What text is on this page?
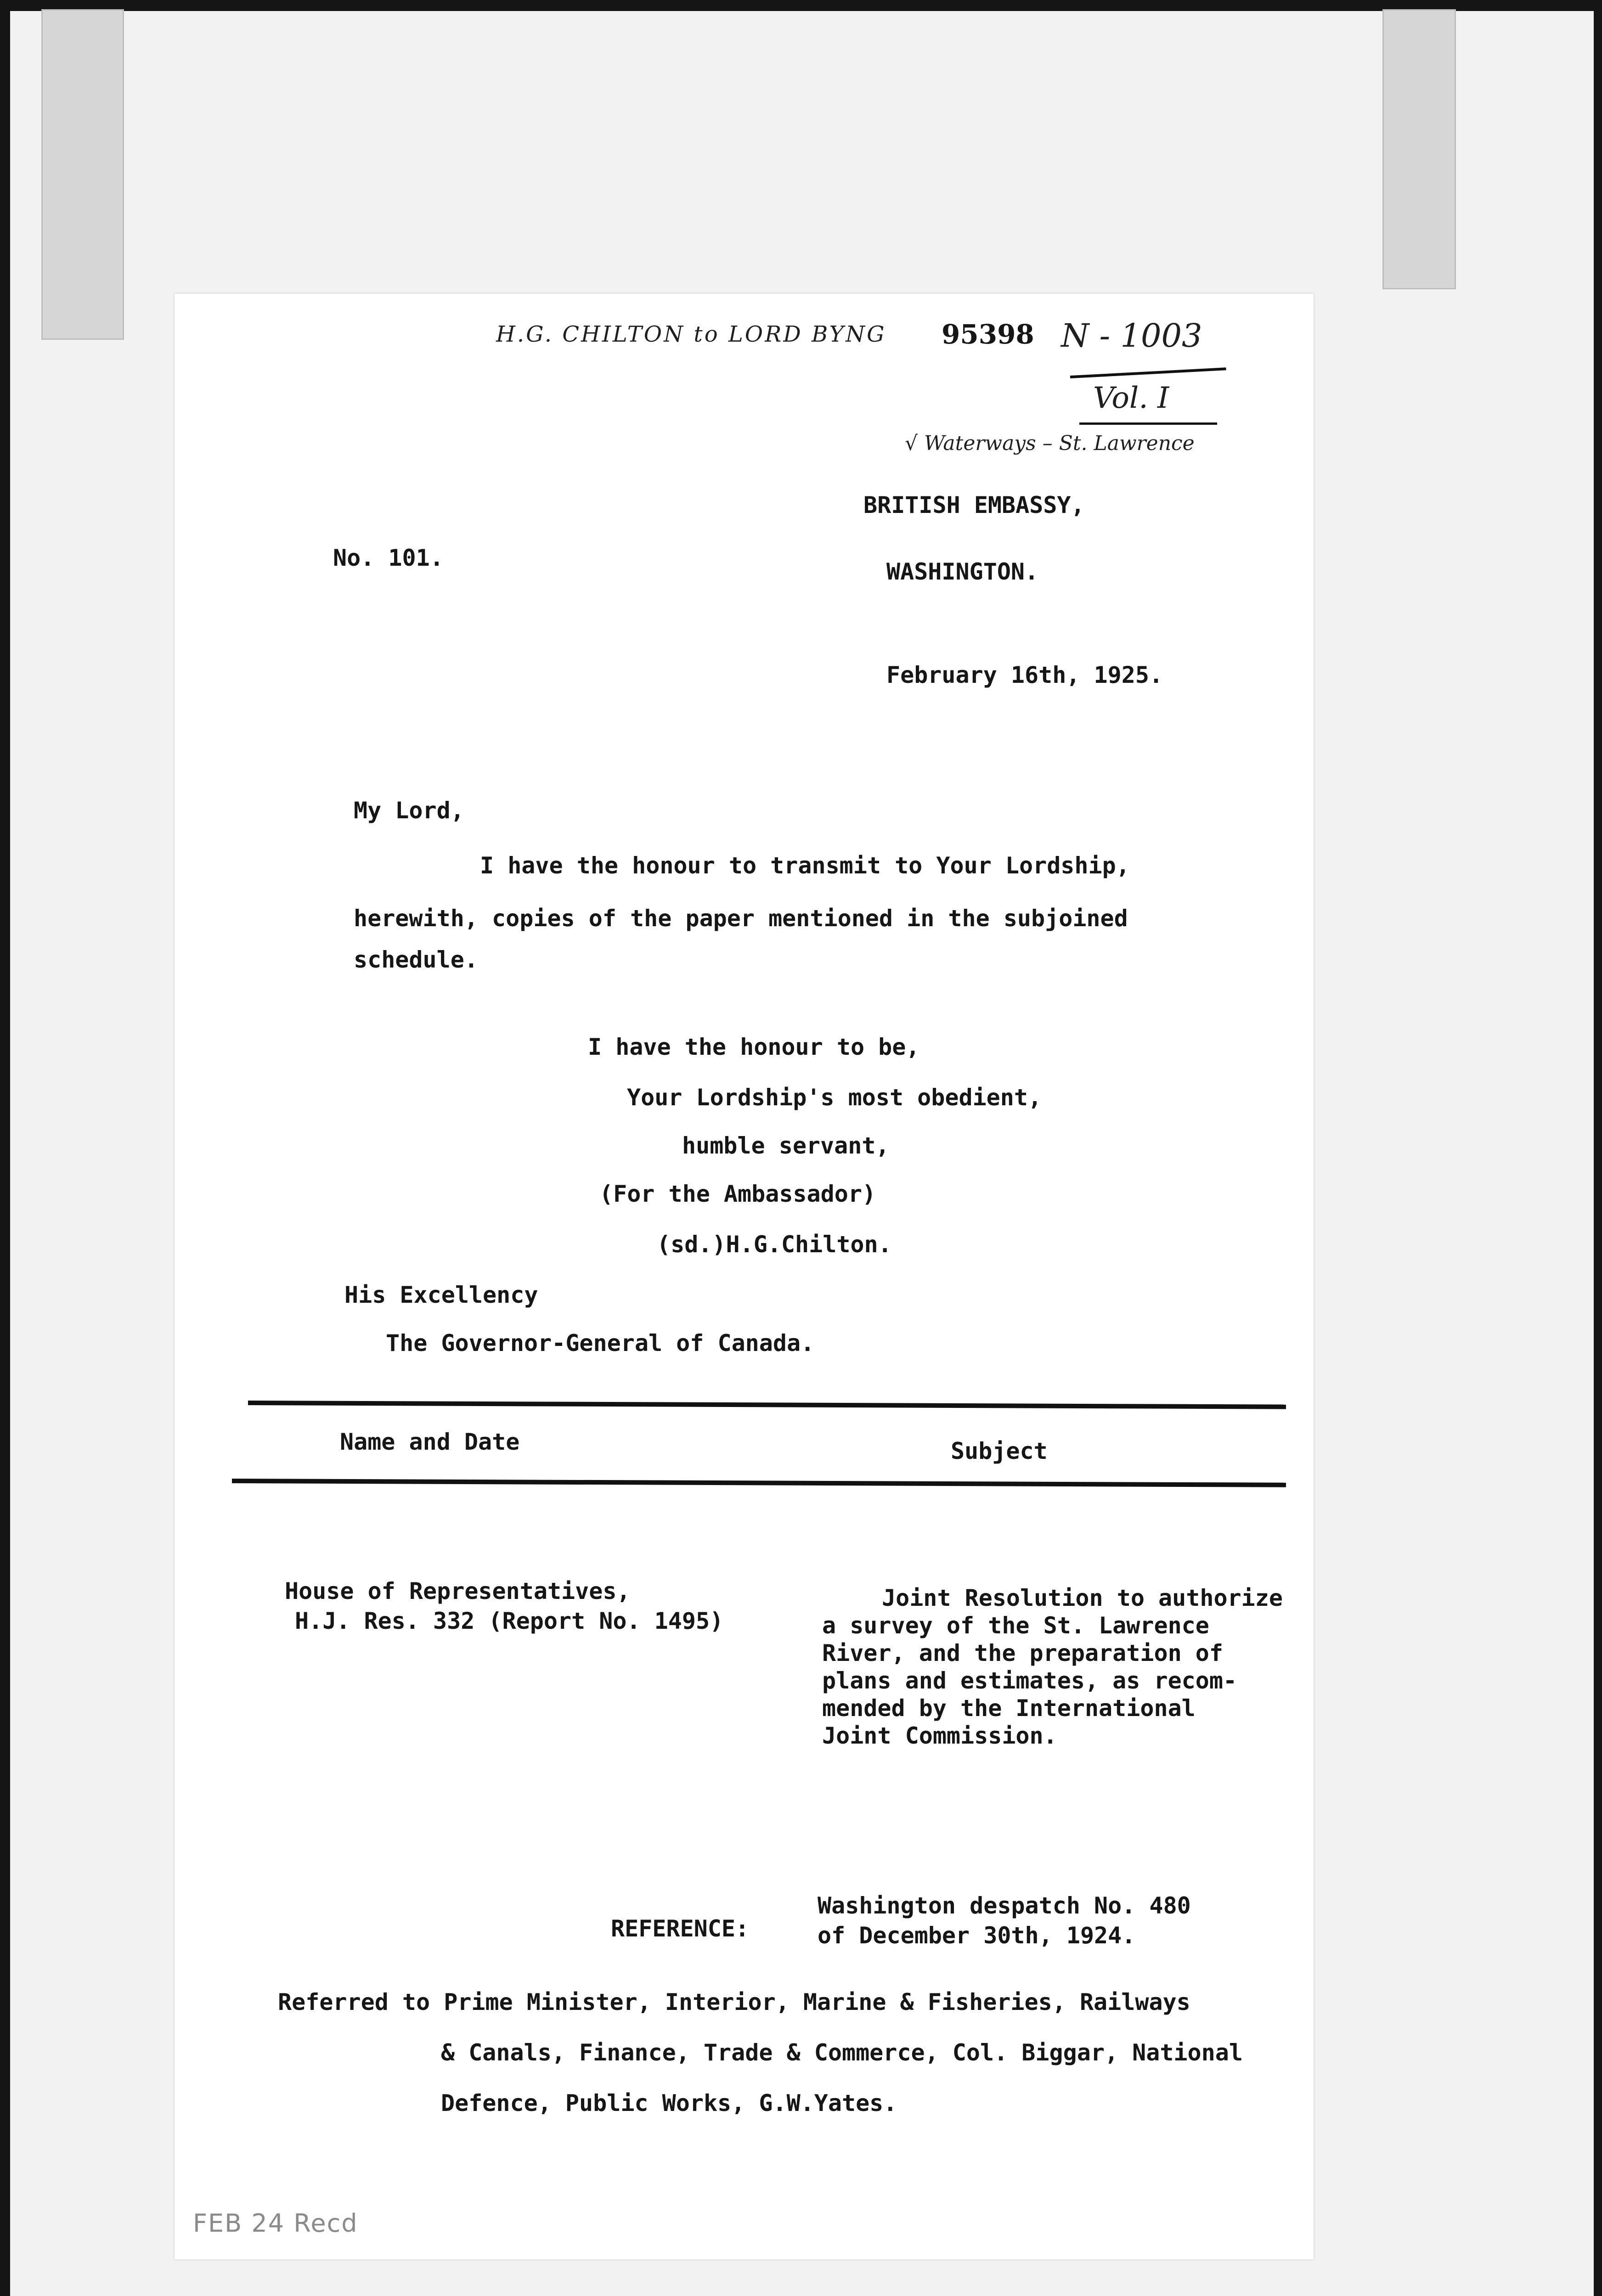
H.G. CHILTON to LORD BYNG 95398 N - 1003
Vol. I
√ Waterways – St. Lawrence
BRITISH EMBASSY,
No. 101.
WASHINGTON.
February 16th, 1925.
My Lord,
I have the honour to transmit to Your Lordship,
herewith, copies of the paper mentioned in the subjoined
schedule.
I have the honour to be,
Your Lordship's most obedient,
humble servant,
(For the Ambassador)
(sd.)H.G.Chilton.
His Excellency
The Governor-General of Canada.
Name and Date	Subject
House of Representatives,
H.J. Res. 332 (Report No. 1495)
Joint Resolution to authorize
a survey of the St. Lawrence
River, and the preparation of
plans and estimates, as recom-
mended by the International
Joint Commission.
REFERENCE:
Washington despatch No. 480
of December 30th, 1924.
Referred to Prime Minister, Interior, Marine & Fisheries, Railways
& Canals, Finance, Trade & Commerce, Col. Biggar, National
Defence, Public Works, G.W.Yates.
FEB 24 Recd
